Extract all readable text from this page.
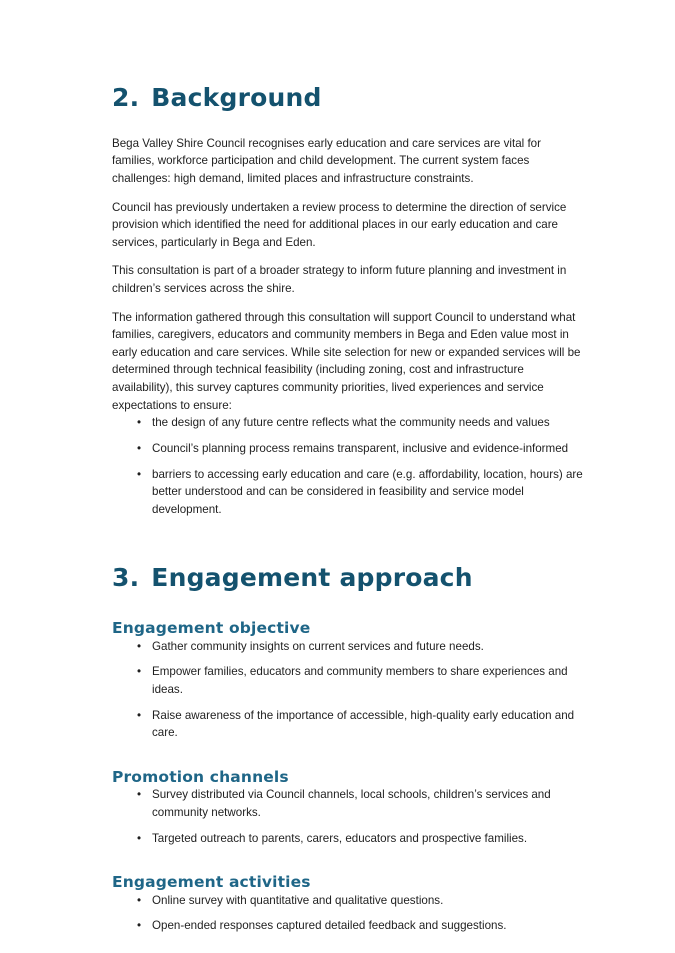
2. Background

Bega Valley Shire Council recognises early education and care services are vital for families, workforce participation and child development. The current system faces challenges: high demand, limited places and infrastructure constraints.

Council has previously undertaken a review process to determine the direction of service provision which identified the need for additional places in our early education and care services, particularly in Bega and Eden.

This consultation is part of a broader strategy to inform future planning and investment in children’s services across the shire.

The information gathered through this consultation will support Council to understand what families, caregivers, educators and community members in Bega and Eden value most in early education and care services. While site selection for new or expanded services will be determined through technical feasibility (including zoning, cost and infrastructure availability), this survey captures community priorities, lived experiences and service expectations to ensure:

• the design of any future centre reflects what the community needs and values
• Council’s planning process remains transparent, inclusive and evidence-informed
• barriers to accessing early education and care (e.g. affordability, location, hours) are better understood and can be considered in feasibility and service model development.
3. Engagement approach
Engagement objective
• Gather community insights on current services and future needs.
• Empower families, educators and community members to share experiences and ideas.
• Raise awareness of the importance of accessible, high-quality early education and care.
Promotion channels
• Survey distributed via Council channels, local schools, children’s services and community networks.
• Targeted outreach to parents, carers, educators and prospective families.
Engagement activities
• Online survey with quantitative and qualitative questions.
• Open-ended responses captured detailed feedback and suggestions.
